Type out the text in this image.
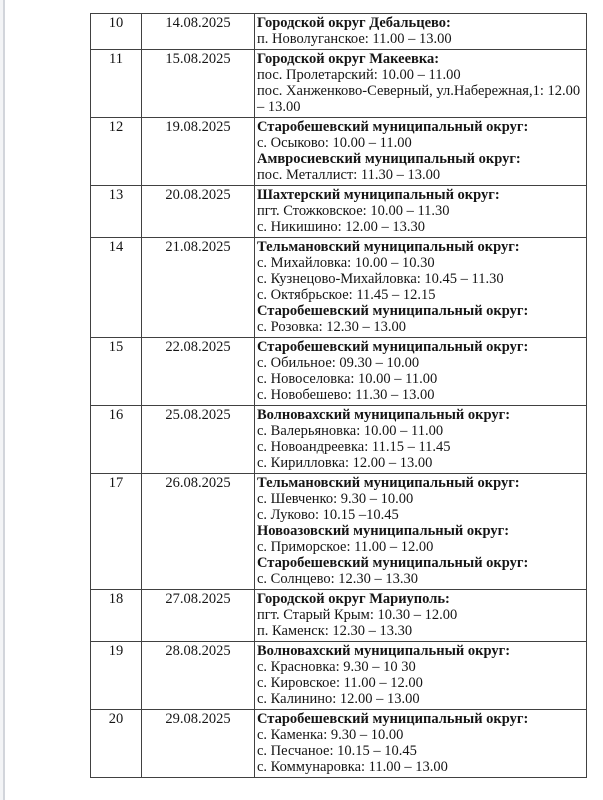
10	14.08.2025	Городской округ Дебальцево:
п. Новолуганское: 11.00 – 13.00

11	15.08.2025	Городской округ Макеевка:
пос. Пролетарский: 10.00 – 11.00
пос. Ханженково-Северный, ул.Набережная,1: 12.00 – 13.00

12	19.08.2025	Старобешевский муниципальный округ:
с. Осыково: 10.00 – 11.00
Амвросиевский муниципальный округ:
пос. Металлист: 11.30 – 13.00

13	20.08.2025	Шахтерский муниципальный округ:
пгт. Стожковское: 10.00 – 11.30
с. Никишино: 12.00 – 13.30

14	21.08.2025	Тельмановский муниципальный округ:
с. Михайловка: 10.00 – 10.30
с. Кузнецово-Михайловка: 10.45 – 11.30
с. Октябрьское: 11.45 – 12.15
Старобешевский муниципальный округ:
с. Розовка: 12.30 – 13.00

15	22.08.2025	Старобешевский муниципальный округ:
с. Обильное: 09.30 – 10.00
с. Новоселовка: 10.00 – 11.00
с. Новобешево: 11.30 – 13.00

16	25.08.2025	Волновахский муниципальный округ:
с. Валерьяновка: 10.00 – 11.00
с. Новоандреевка: 11.15 – 11.45
с. Кирилловка: 12.00 – 13.00

17	26.08.2025	Тельмановский муниципальный округ:
с. Шевченко: 9.30 – 10.00
с. Луково: 10.15 –10.45
Новоазовский муниципальный округ:
с. Приморское: 11.00 – 12.00
Старобешевский муниципальный округ:
с. Солнцево: 12.30 – 13.30

18	27.08.2025	Городской округ Мариуполь:
пгт. Старый Крым: 10.30 – 12.00
п. Каменск: 12.30 – 13.30

19	28.08.2025	Волновахский муниципальный округ:
с. Красновка: 9.30 – 10 30
с. Кировское: 11.00 – 12.00
с. Калинино: 12.00 – 13.00

20	29.08.2025	Старобешевский муниципальный округ:
с. Каменка: 9.30 – 10.00
с. Песчаное: 10.15 – 10.45
с. Коммунаровка: 11.00 – 13.00
